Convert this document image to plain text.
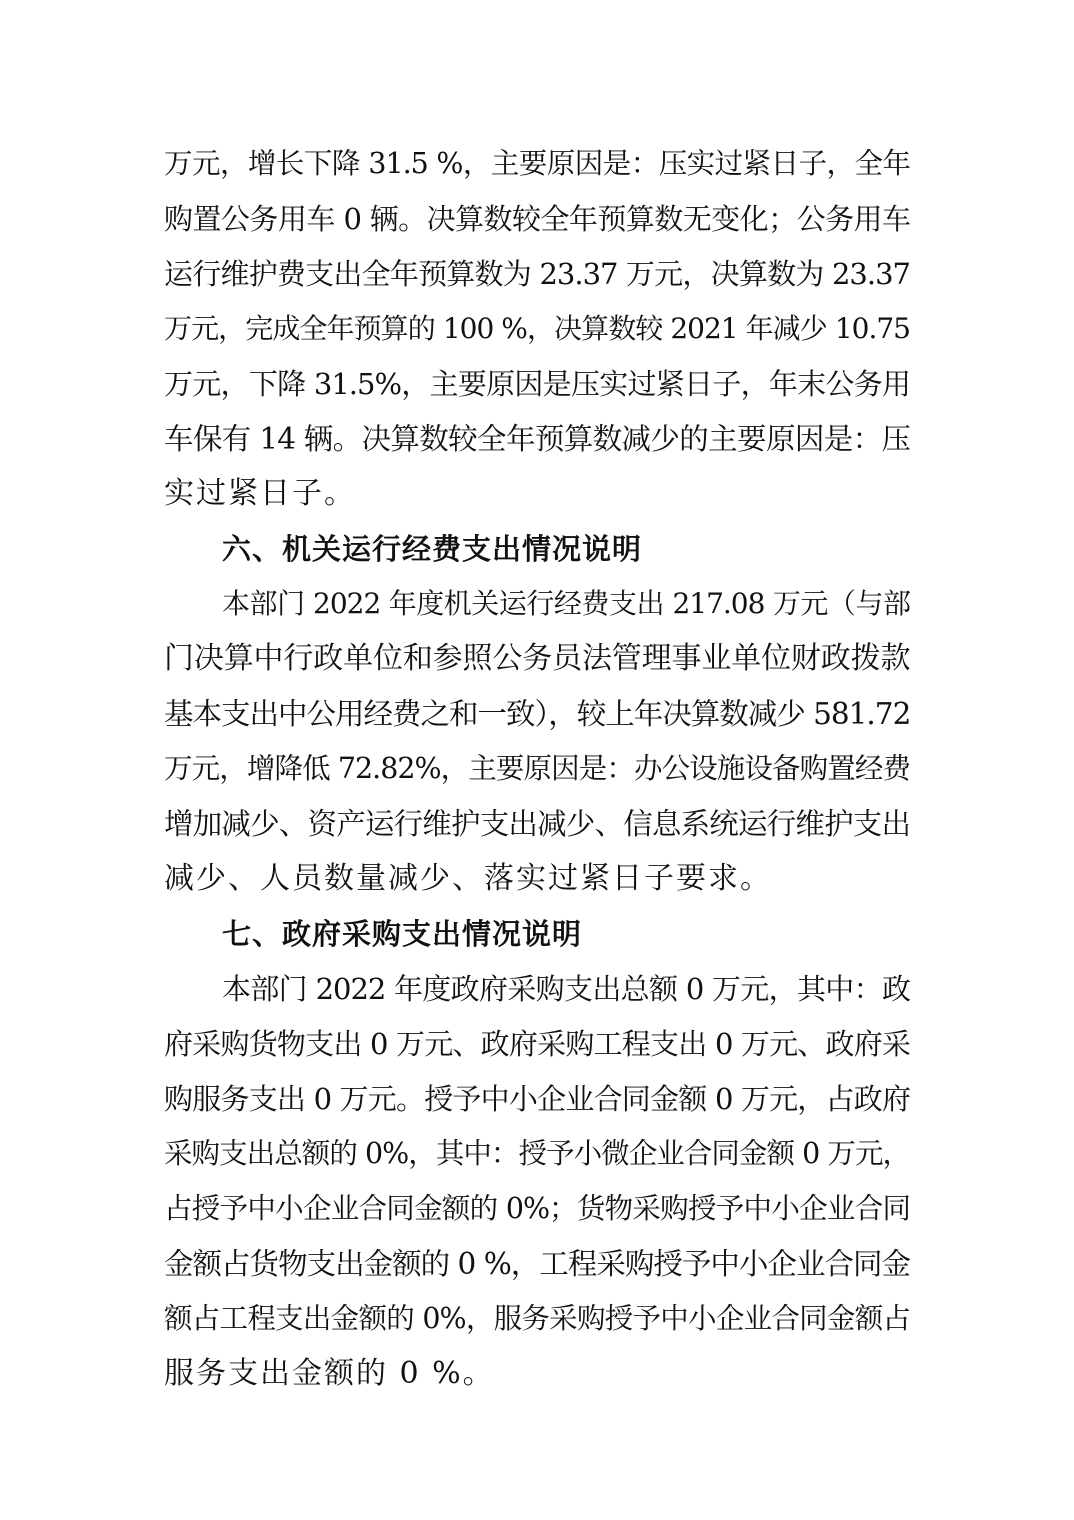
万元，增长下降 31.5 %，主要原因是：压实过紧日子，全年
购置公务用车 0 辆。决算数较全年预算数无变化；公务用车
运行维护费支出全年预算数为 23.37 万元，决算数为 23.37
万元，完成全年预算的 100 %，决算数较 2021 年减少 10.75
万元，下降 31.5%，主要原因是压实过紧日子，年末公务用
车保有 14 辆。决算数较全年预算数减少的主要原因是：压
实过紧日子。
六、机关运行经费支出情况说明
本部门 2022 年度机关运行经费支出 217.08 万元（与部
门决算中行政单位和参照公务员法管理事业单位财政拨款
基本支出中公用经费之和一致），较上年决算数减少 581.72
万元，增降低 72.82%，主要原因是：办公设施设备购置经费
增加减少、资产运行维护支出减少、信息系统运行维护支出
减少、人员数量减少、落实过紧日子要求。
七、政府采购支出情况说明
本部门 2022 年度政府采购支出总额 0 万元，其中：政
府采购货物支出 0 万元、政府采购工程支出 0 万元、政府采
购服务支出 0 万元。授予中小企业合同金额 0 万元，占政府
采购支出总额的 0%，其中：授予小微企业合同金额 0 万元，
占授予中小企业合同金额的 0%；货物采购授予中小企业合同
金额占货物支出金额的 0 %，工程采购授予中小企业合同金
额占工程支出金额的 0%，服务采购授予中小企业合同金额占
服务支出金额的 0 %。
